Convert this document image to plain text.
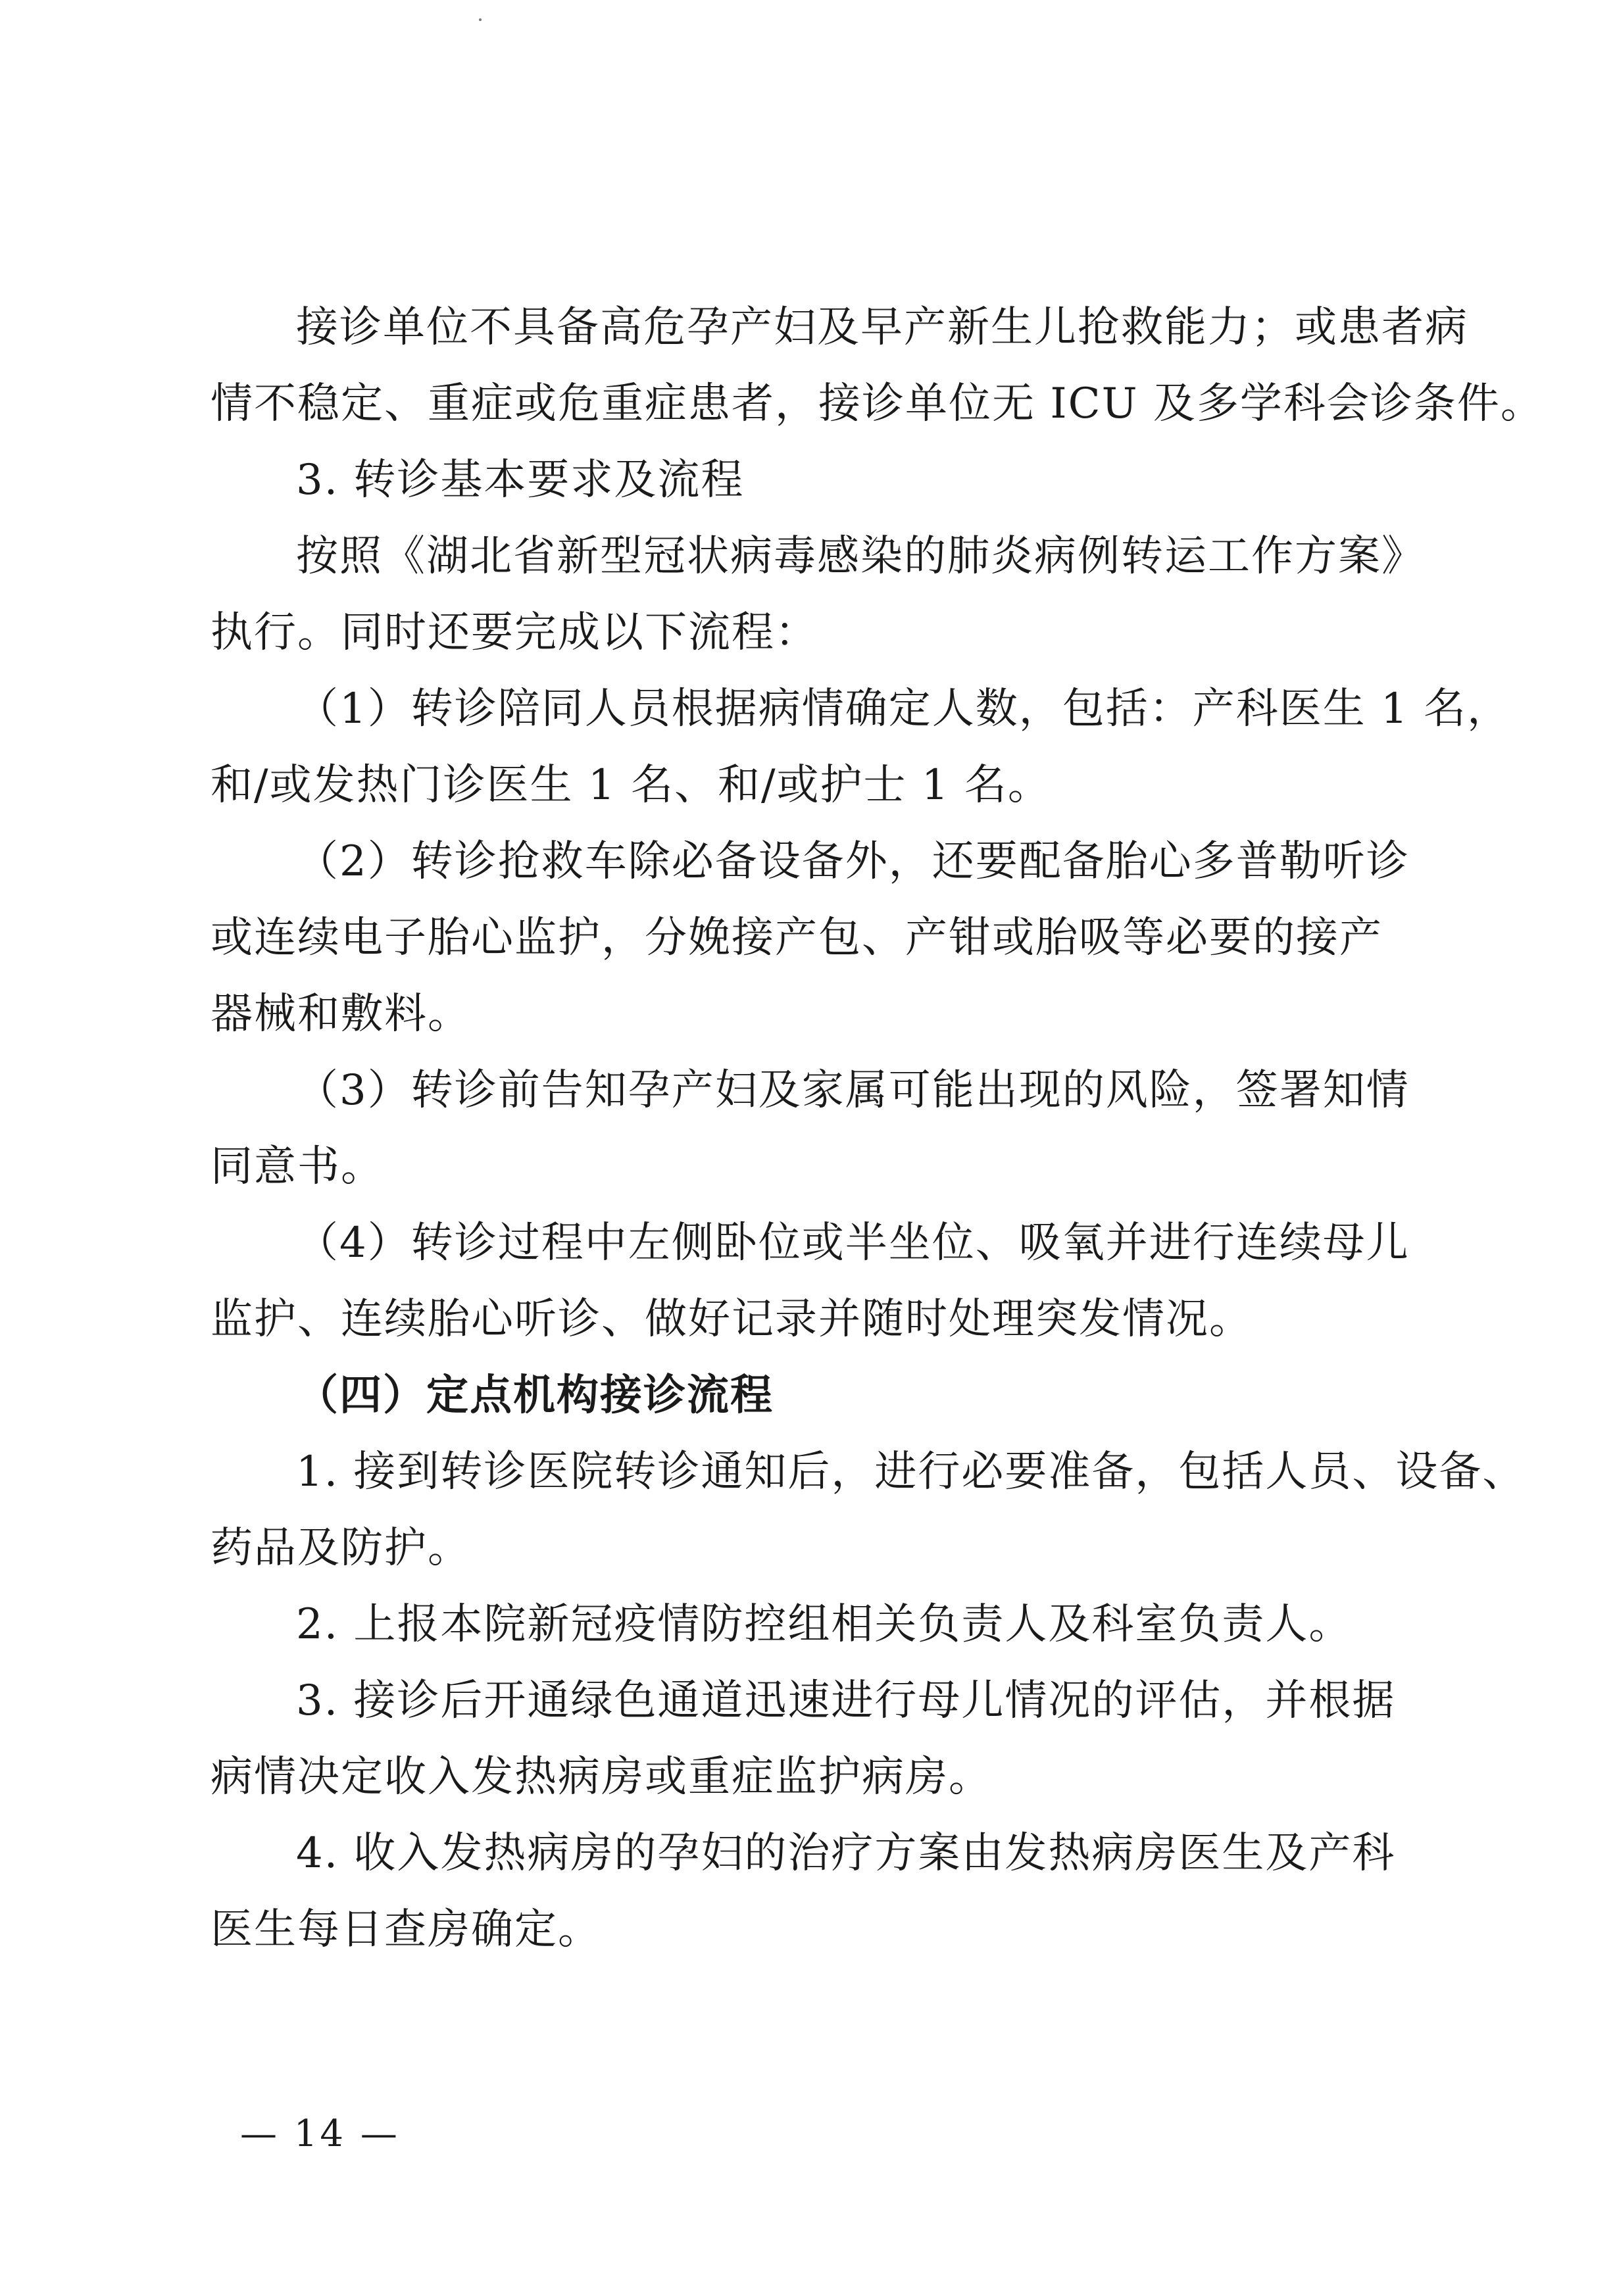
接诊单位不具备高危孕产妇及早产新生儿抢救能力；或患者病
情不稳定、重症或危重症患者，接诊单位无 ICU 及多学科会诊条件。
3. 转诊基本要求及流程
按照《湖北省新型冠状病毒感染的肺炎病例转运工作方案》
执行。同时还要完成以下流程：
（1）转诊陪同人员根据病情确定人数，包括：产科医生 1 名，
和/或发热门诊医生 1 名、和/或护士 1 名。
（2）转诊抢救车除必备设备外，还要配备胎心多普勒听诊
或连续电子胎心监护，分娩接产包、产钳或胎吸等必要的接产
器械和敷料。
（3）转诊前告知孕产妇及家属可能出现的风险，签署知情
同意书。
（4）转诊过程中左侧卧位或半坐位、吸氧并进行连续母儿
监护、连续胎心听诊、做好记录并随时处理突发情况。
（四）定点机构接诊流程
1. 接到转诊医院转诊通知后，进行必要准备，包括人员、设备、
药品及防护。
2. 上报本院新冠疫情防控组相关负责人及科室负责人。
3. 接诊后开通绿色通道迅速进行母儿情况的评估，并根据
病情决定收入发热病房或重症监护病房。
4. 收入发热病房的孕妇的治疗方案由发热病房医生及产科
医生每日查房确定。
— 14 —
